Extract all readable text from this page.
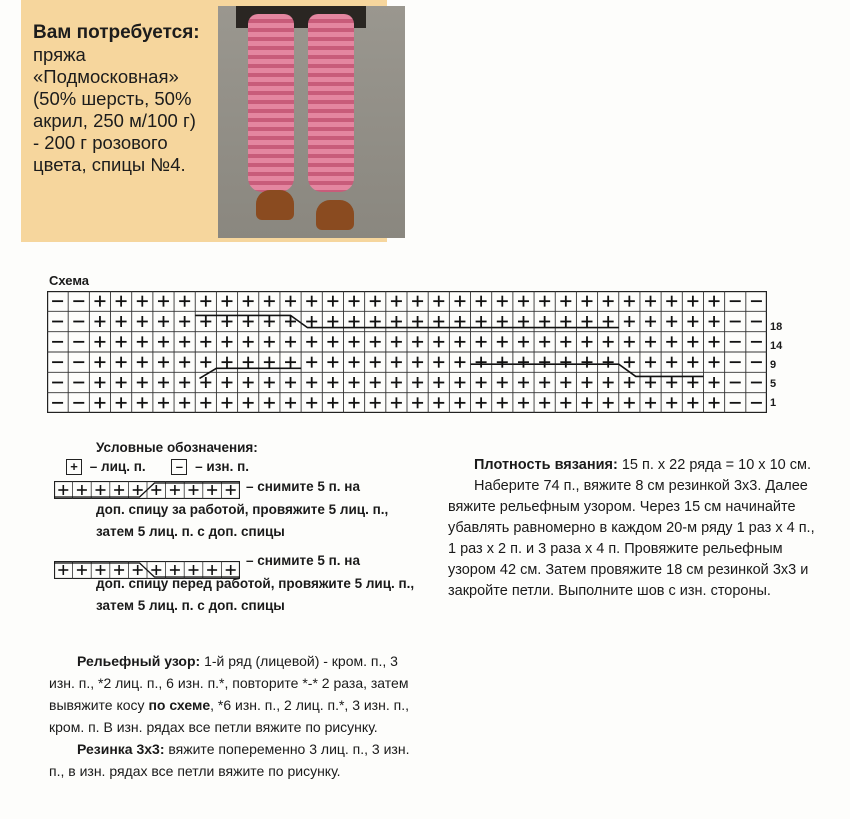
Вам потребуется:
пряжа «Подмосковная» (50% шерсть, 50% акрил, 250 м/100 г) - 200 г розового цвета, спицы №4.
Схема
18
14
9
5
1
Условные обозначения:
+ – лиц. п. – – изн. п.
– снимите 5 п. на
доп. спицу за работой, провяжите 5 лиц. п., затем 5 лиц. п. с доп. спицы
– снимите 5 п. на
доп. спицу перед работой, провяжите 5 лиц. п., затем 5 лиц. п. с доп. спицы
Рельефный узор: 1-й ряд (лицевой) - кром. п., 3 изн. п., *2 лиц. п., 6 изн. п.*, повторите *-* 2 раза, затем вывяжите косу по схеме, *6 изн. п., 2 лиц. п.*, 3 изн. п., кром. п. В изн. рядах все петли вяжите по рисунку.
Резинка 3х3: вяжите попеременно 3 лиц. п., 3 изн. п., в изн. рядах все петли вяжите по рисунку.

Плотность вязания: 15 п. х 22 ряда = 10 х 10 см.

Наберите 74 п., вяжите 8 см резинкой 3х3. Далее вяжите рельефным узором. Через 15 см начинайте убавлять равномерно в каждом 20-м ряду 1 раз х 4 п., 1 раз х 2 п. и 3 раза х 4 п. Провяжите рельефным узором 42 см. Затем провяжите 18 см резинкой 3х3 и закройте петли. Выполните шов с изн. стороны.
